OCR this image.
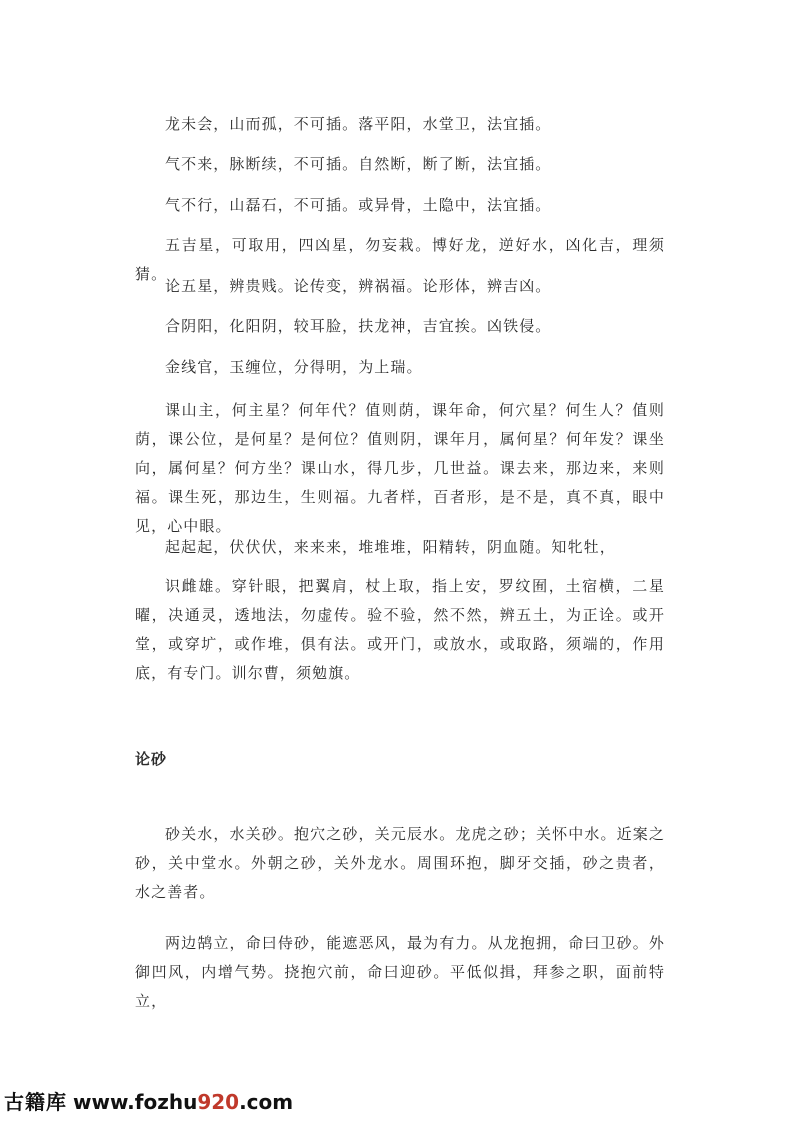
龙未会，山而孤，不可插。落平阳，水堂卫，法宜插。

气不来，脉断续，不可插。自然断，断了断，法宜插。

气不行，山磊石，不可插。或异骨，土隐中，法宜插。

五吉星，可取用，四凶星，勿妄栽。博好龙，逆好水，凶化吉，理须猜。

论五星，辨贵贱。论传变，辨祸福。论形体，辨吉凶。

合阴阳，化阳阴，较耳脸，扶龙神，吉宜挨。凶铁侵。

金线官，玉缠位，分得明，为上瑞。

课山主，何主星？何年代？值则荫，课年命，何穴星？何生人？值则荫，课公位，是何星？是何位？值则阴，课年月，属何星？何年发？课坐向，属何星？何方坐？课山水，得几步，几世益。课去来，那边来，来则福。课生死，那边生，生则福。九者样，百者形，是不是，真不真，眼中见，心中眼。

起起起，伏伏伏，来来来，堆堆堆，阳精转，阴血随。知牝牡，

识雌雄。穿针眼，把翼肩，杖上取，指上安，罗纹囿，土宿横，二星曜，决通灵，透地法，勿虚传。验不验，然不然，辨五土，为正诠。或开堂，或穿圹，或作堆，俱有法。或开门，或放水，或取路，须端的，作用底，有专门。训尔曹，须勉旗。

论砂

砂关水，水关砂。抱穴之砂，关元辰水。龙虎之砂；关怀中水。近案之砂，关中堂水。外朝之砂，关外龙水。周围环抱，脚牙交插，砂之贵者，水之善者。

两边鹄立，命曰侍砂，能遮恶风，最为有力。从龙抱拥，命曰卫砂。外御凹风，内增气势。挠抱穴前，命曰迎砂。平低似揖，拜参之职，面前特立，

古籍库 www.fozhu920.com
